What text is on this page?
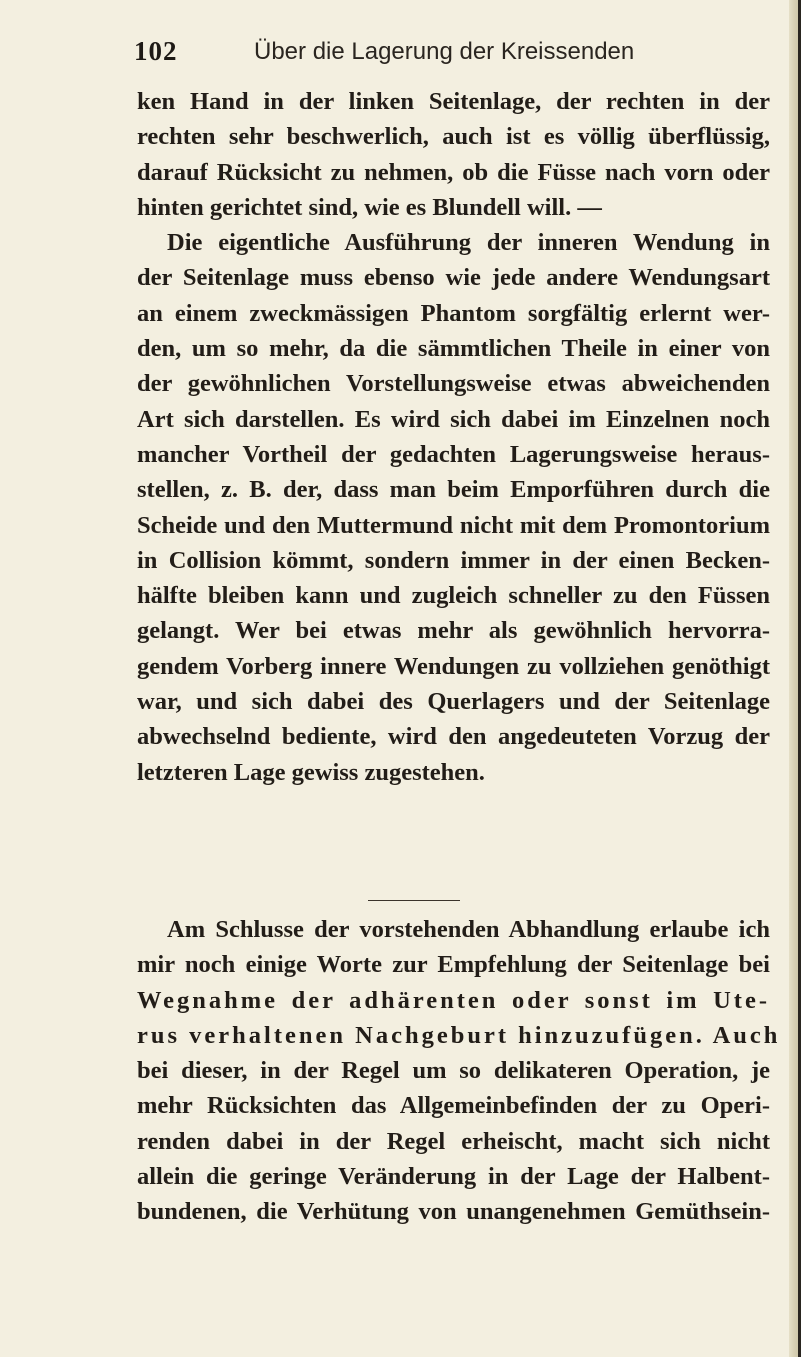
102	Über die Lagerung der Kreissenden
ken Hand in der linken Seitenlage, der rechten in der
rechten sehr beschwerlich, auch ist es völlig überflüssig,
darauf Rücksicht zu nehmen, ob die Füsse nach vorn oder
hinten gerichtet sind, wie es Blundell will. —
Die eigentliche Ausführung der inneren Wendung in
der Seitenlage muss ebenso wie jede andere Wendungsart
an einem zweckmässigen Phantom sorgfältig erlernt wer-
den, um so mehr, da die sämmtlichen Theile in einer von
der gewöhnlichen Vorstellungsweise etwas abweichenden
Art sich darstellen. Es wird sich dabei im Einzelnen noch
mancher Vortheil der gedachten Lagerungsweise heraus-
stellen, z. B. der, dass man beim Emporführen durch die
Scheide und den Muttermund nicht mit dem Promontorium
in Collision kömmt, sondern immer in der einen Becken-
hälfte bleiben kann und zugleich schneller zu den Füssen
gelangt. Wer bei etwas mehr als gewöhnlich hervorra-
gendem Vorberg innere Wendungen zu vollziehen genöthigt
war, und sich dabei des Querlagers und der Seitenlage
abwechselnd bediente, wird den angedeuteten Vorzug der
letzteren Lage gewiss zugestehen.
Am Schlusse der vorstehenden Abhandlung erlaube ich
mir noch einige Worte zur Empfehlung der Seitenlage bei
Wegnahme der adhärenten oder sonst im Ute-
rus verhaltenen Nachgeburt hinzuzufügen. Auch
bei dieser, in der Regel um so delikateren Operation, je
mehr Rücksichten das Allgemeinbefinden der zu Operi-
renden dabei in der Regel erheischt, macht sich nicht
allein die geringe Veränderung in der Lage der Halbent-
bundenen, die Verhütung von unangenehmen Gemüthsein-
